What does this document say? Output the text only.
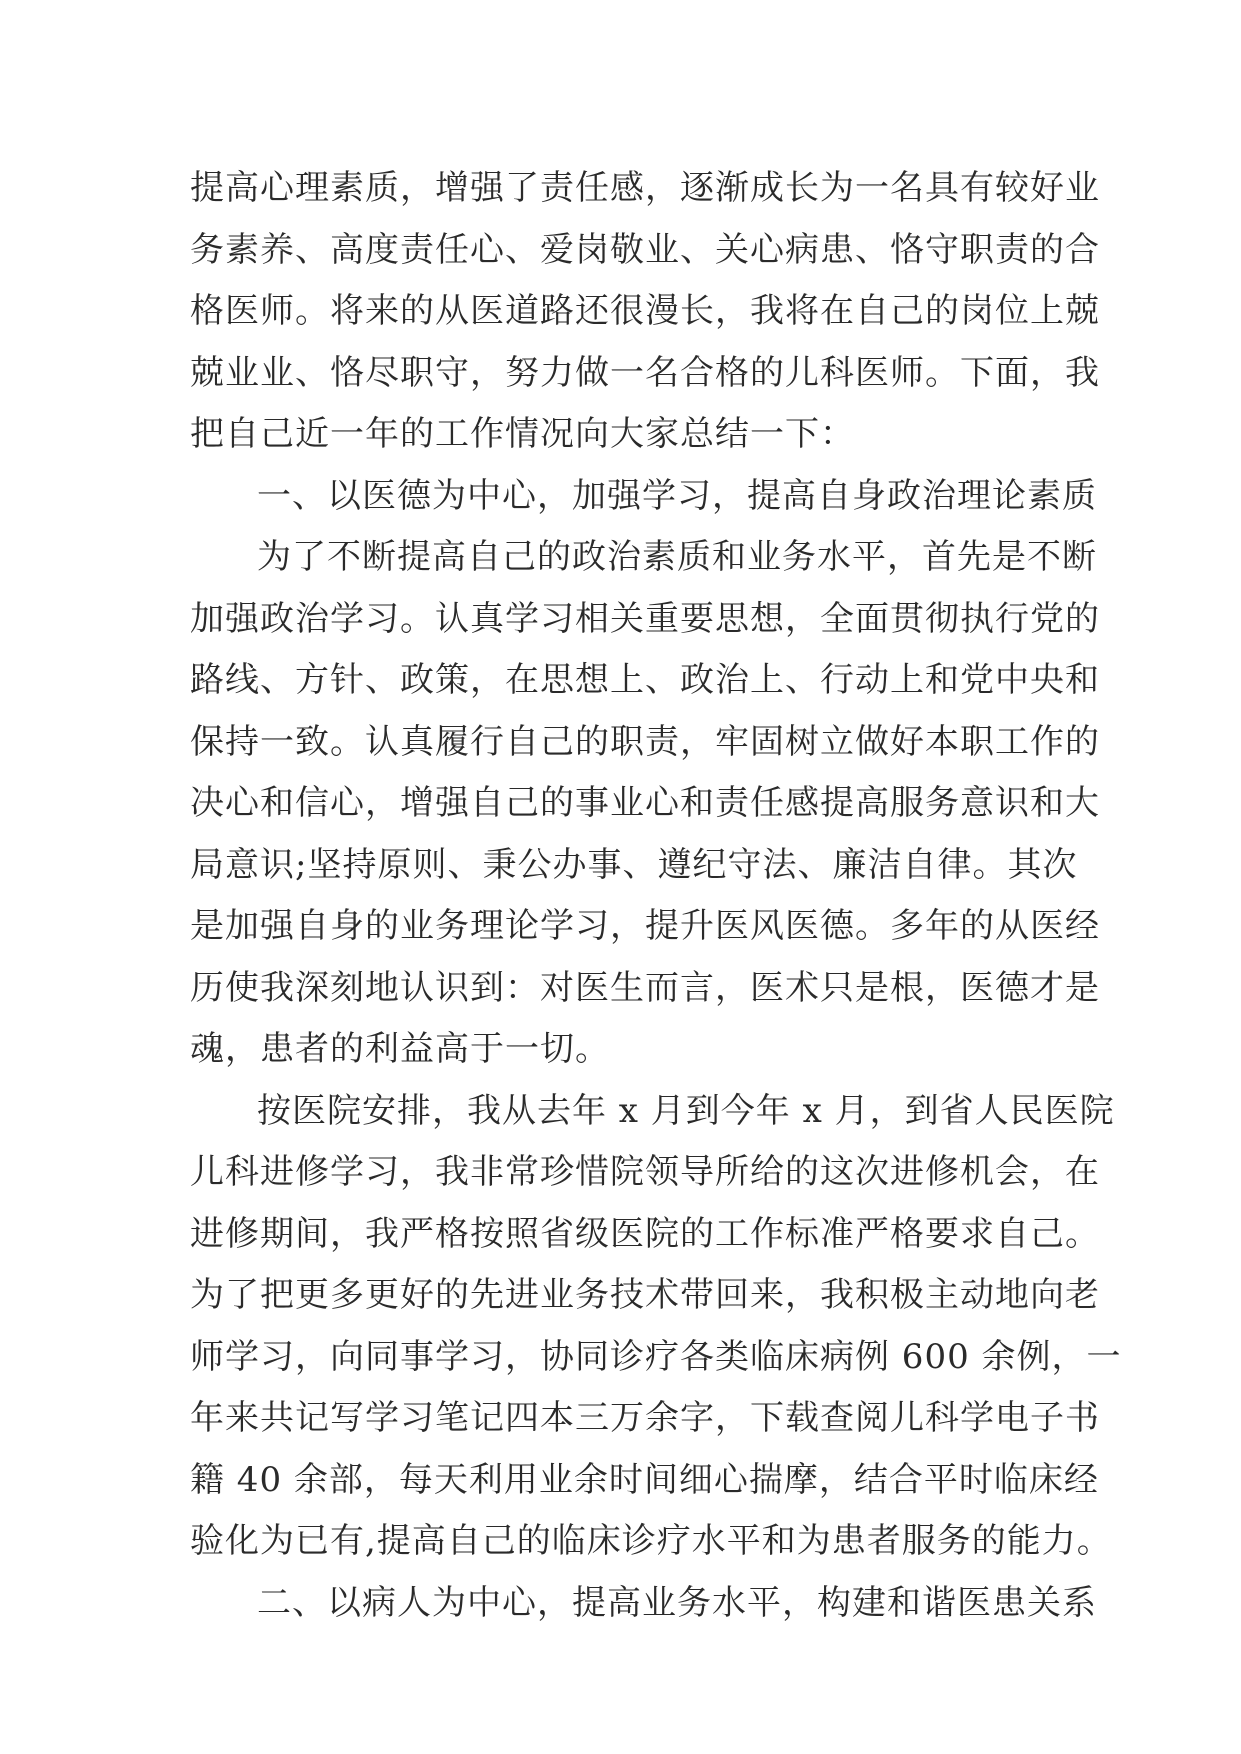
提高心理素质，增强了责任感，逐渐成长为一名具有较好业
务素养、高度责任心、爱岗敬业、关心病患、恪守职责的合
格医师。将来的从医道路还很漫长，我将在自己的岗位上兢
兢业业、恪尽职守，努力做一名合格的儿科医师。下面，我
把自己近一年的工作情况向大家总结一下：
一、以医德为中心，加强学习，提高自身政治理论素质
为了不断提高自己的政治素质和业务水平，首先是不断
加强政治学习。认真学习相关重要思想，全面贯彻执行党的
路线、方针、政策，在思想上、政治上、行动上和党中央和
保持一致。认真履行自己的职责，牢固树立做好本职工作的
决心和信心，增强自己的事业心和责任感提高服务意识和大
局意识;坚持原则、秉公办事、遵纪守法、廉洁自律。其次
是加强自身的业务理论学习，提升医风医德。多年的从医经
历使我深刻地认识到：对医生而言，医术只是根，医德才是
魂，患者的利益高于一切。
按医院安排，我从去年 x 月到今年 x 月，到省人民医院
儿科进修学习，我非常珍惜院领导所给的这次进修机会，在
进修期间，我严格按照省级医院的工作标准严格要求自己。
为了把更多更好的先进业务技术带回来，我积极主动地向老
师学习，向同事学习，协同诊疗各类临床病例 600 余例，一
年来共记写学习笔记四本三万余字，下载查阅儿科学电子书
籍 40 余部，每天利用业余时间细心揣摩，结合平时临床经
验化为已有,提高自己的临床诊疗水平和为患者服务的能力。
二、以病人为中心，提高业务水平，构建和谐医患关系
